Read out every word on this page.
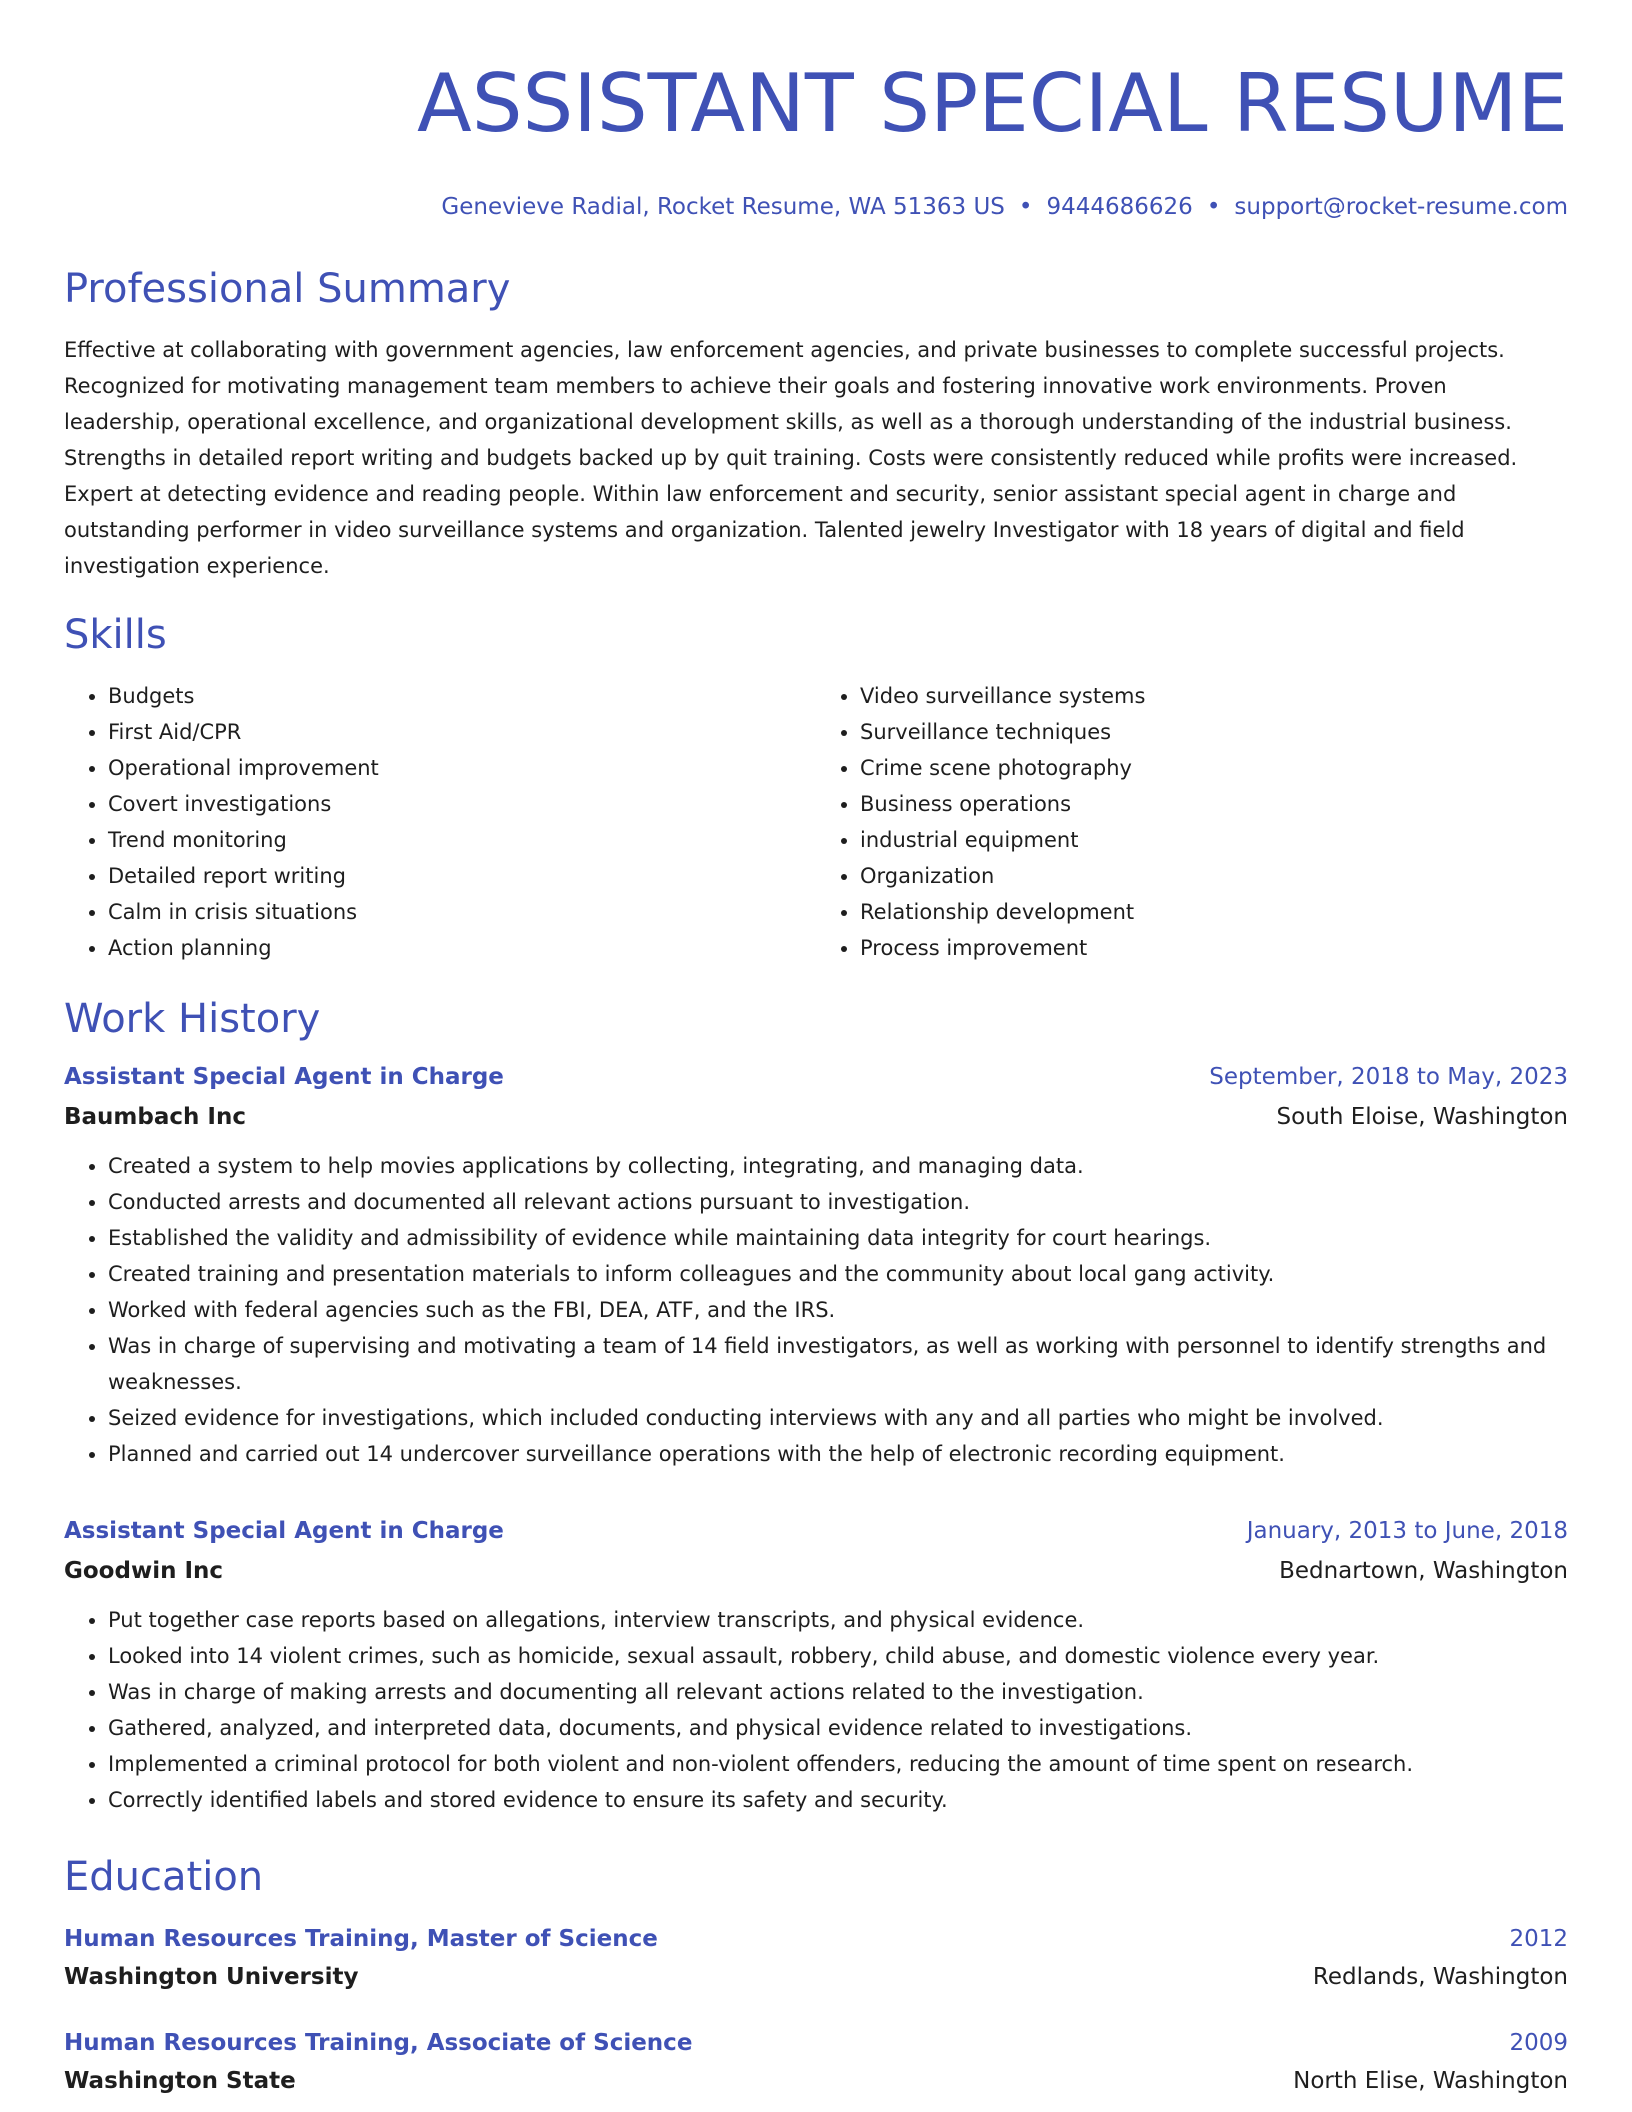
ASSISTANT SPECIAL RESUME
Genevieve Radial, Rocket Resume, WA 51363 US • 9444686626 • support@rocket-resume.com
Professional Summary
Effective at collaborating with government agencies, law enforcement agencies, and private businesses to complete successful projects. Recognized for motivating management team members to achieve their goals and fostering innovative work environments. Proven leadership, operational excellence, and organizational development skills, as well as a thorough understanding of the industrial business. Strengths in detailed report writing and budgets backed up by quit training. Costs were consistently reduced while profits were increased. Expert at detecting evidence and reading people. Within law enforcement and security, senior assistant special agent in charge and outstanding performer in video surveillance systems and organization. Talented jewelry Investigator with 18 years of digital and field investigation experience.
Skills
• Budgets
• First Aid/CPR
• Operational improvement
• Covert investigations
• Trend monitoring
• Detailed report writing
• Calm in crisis situations
• Action planning
• Video surveillance systems
• Surveillance techniques
• Crime scene photography
• Business operations
• industrial equipment
• Organization
• Relationship development
• Process improvement
Work History
Assistant Special Agent in Charge	September, 2018 to May, 2023
Baumbach Inc	South Eloise, Washington
• Created a system to help movies applications by collecting, integrating, and managing data.
• Conducted arrests and documented all relevant actions pursuant to investigation.
• Established the validity and admissibility of evidence while maintaining data integrity for court hearings.
• Created training and presentation materials to inform colleagues and the community about local gang activity.
• Worked with federal agencies such as the FBI, DEA, ATF, and the IRS.
• Was in charge of supervising and motivating a team of 14 field investigators, as well as working with personnel to identify strengths and weaknesses.
• Seized evidence for investigations, which included conducting interviews with any and all parties who might be involved.
• Planned and carried out 14 undercover surveillance operations with the help of electronic recording equipment.
Assistant Special Agent in Charge	January, 2013 to June, 2018
Goodwin Inc	Bednartown, Washington
• Put together case reports based on allegations, interview transcripts, and physical evidence.
• Looked into 14 violent crimes, such as homicide, sexual assault, robbery, child abuse, and domestic violence every year.
• Was in charge of making arrests and documenting all relevant actions related to the investigation.
• Gathered, analyzed, and interpreted data, documents, and physical evidence related to investigations.
• Implemented a criminal protocol for both violent and non-violent offenders, reducing the amount of time spent on research.
• Correctly identified labels and stored evidence to ensure its safety and security.
Education
Human Resources Training, Master of Science	2012
Washington University	Redlands, Washington
Human Resources Training, Associate of Science	2009
Washington State	North Elise, Washington
